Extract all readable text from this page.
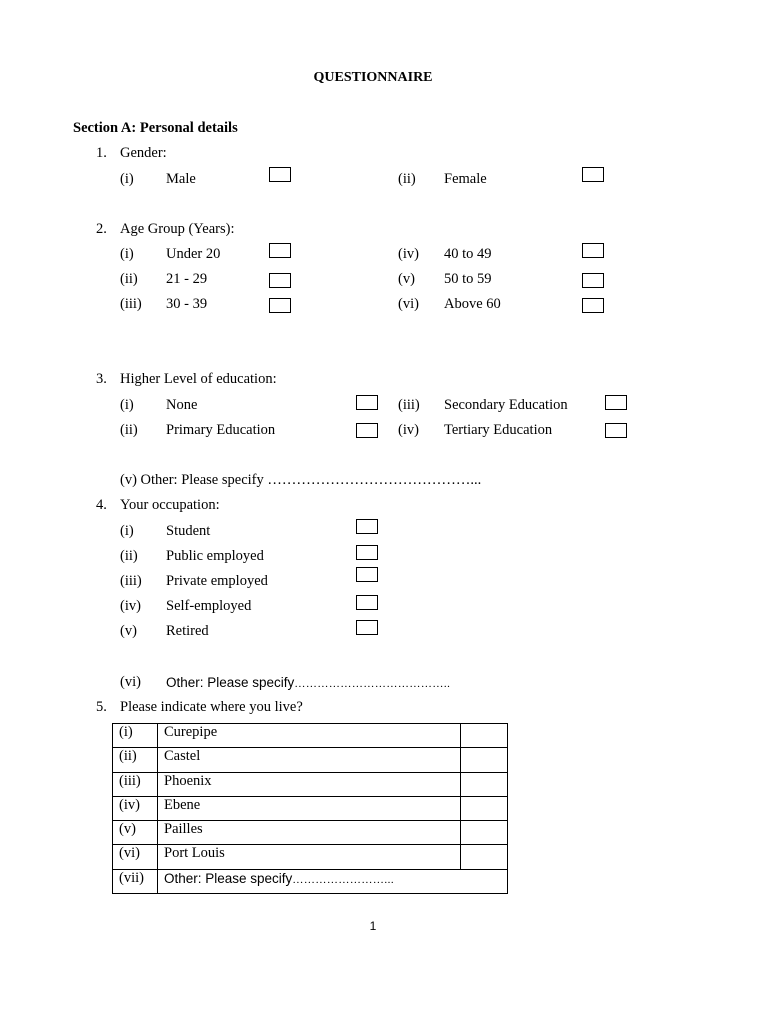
QUESTIONNAIRE
Section A: Personal details
1. Gender:
(i) Male	(ii) Female
2. Age Group (Years):
(i) Under 20
(ii) 21 - 29
(iii) 30 - 39
(iv) 40 to 49
(v) 50 to 59
(vi) Above 60
3. Higher Level of education:
(i) None
(ii) Primary Education
(iii) Secondary Education
(iv) Tertiary Education
(v) Other: Please specify ……………………………………...
4. Your occupation:
(i) Student
(ii) Public employed
(iii) Private employed
(iv) Self-employed
(v) Retired
(vi) Other: Please specify…………………………………..
5. Please indicate where you live?
(i)	Curepipe	
(ii)	Castel	
(iii)	Phoenix	
(iv)	Ebene	
(v)	Pailles	
(vi)	Port Louis	
(vii)	Other: Please specify……………………...	
1
